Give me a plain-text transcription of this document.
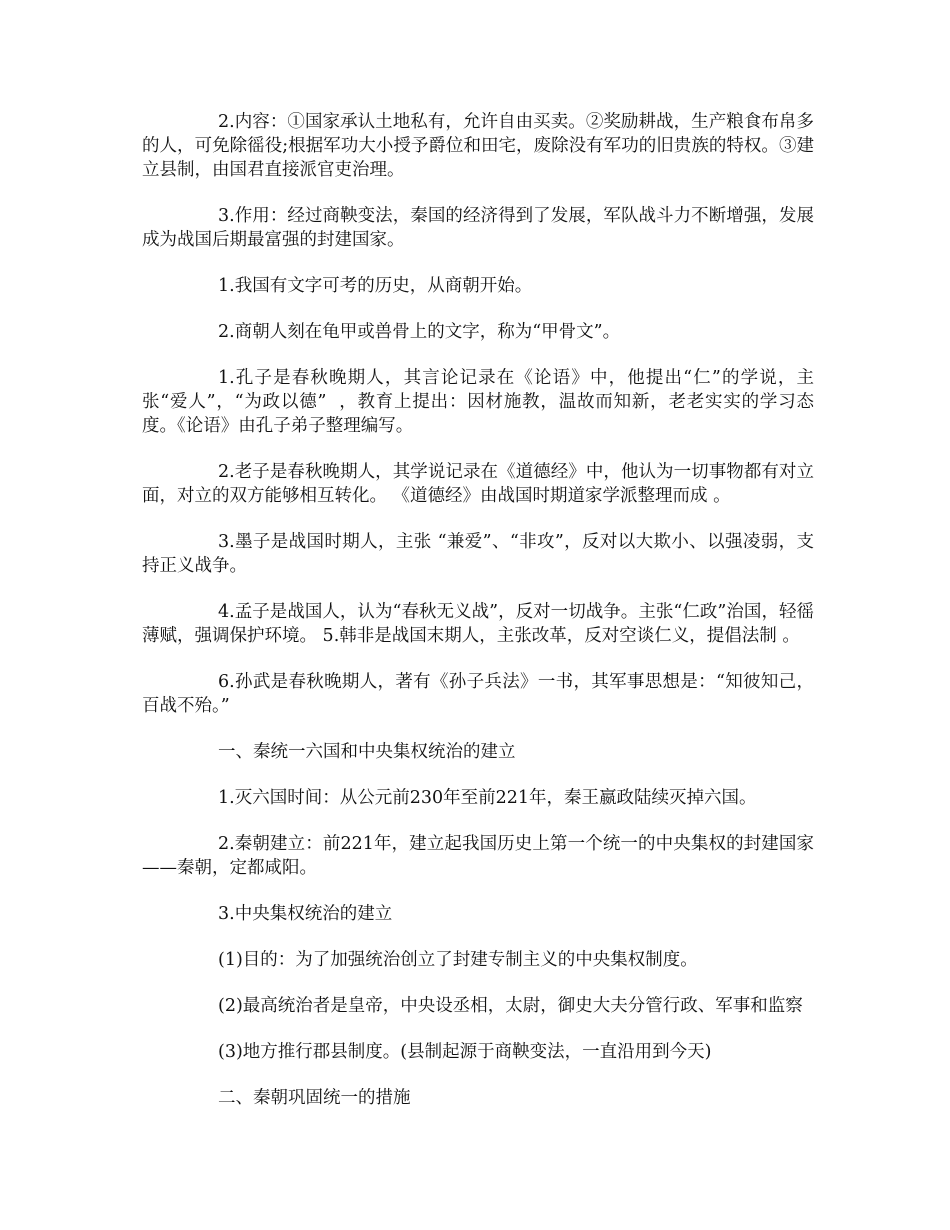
2.内容：①国家承认土地私有，允许自由买卖。②奖励耕战，生产粮食布帛多的人，可免除徭役;根据军功大小授予爵位和田宅，废除没有军功的旧贵族的特权。③建立县制，由国君直接派官吏治理。

3.作用：经过商鞅变法，秦国的经济得到了发展，军队战斗力不断增强，发展成为战国后期最富强的封建国家。

1.我国有文字可考的历史，从商朝开始。

2.商朝人刻在龟甲或兽骨上的文字，称为“甲骨文”。

1.孔子是春秋晚期人，其言论记录在《论语》中，他提出“仁”的学说，主张“爱人”，“为政以德”  ，教育上提出：因材施教，温故而知新，老老实实的学习态度。《论语》由孔子弟子整理编写。

2.老子是春秋晚期人，其学说记录在《道德经》中，他认为一切事物都有对立面，对立的双方能够相互转化。 《道德经》由战国时期道家学派整理而成 。

3.墨子是战国时期人，主张 “兼爱”、“非攻”，反对以大欺小、以强凌弱，支持正义战争。

4.孟子是战国人，认为“春秋无义战”，反对一切战争。主张“仁政”治国，轻徭薄赋，强调保护环境。 5.韩非是战国末期人，主张改革，反对空谈仁义，提倡法制 。

6.孙武是春秋晚期人，著有《孙子兵法》一书，其军事思想是：“知彼知己，百战不殆。”

一、秦统一六国和中央集权统治的建立

1.灭六国时间：从公元前230年至前221年，秦王嬴政陆续灭掉六国。

2.秦朝建立：前221年，建立起我国历史上第一个统一的中央集权的封建国家——秦朝，定都咸阳。

3.中央集权统治的建立

(1)目的：为了加强统治创立了封建专制主义的中央集权制度。

(2)最高统治者是皇帝，中央设丞相，太尉，御史大夫分管行政、军事和监察

(3)地方推行郡县制度。(县制起源于商鞅变法，一直沿用到今天)

二、秦朝巩固统一的措施
